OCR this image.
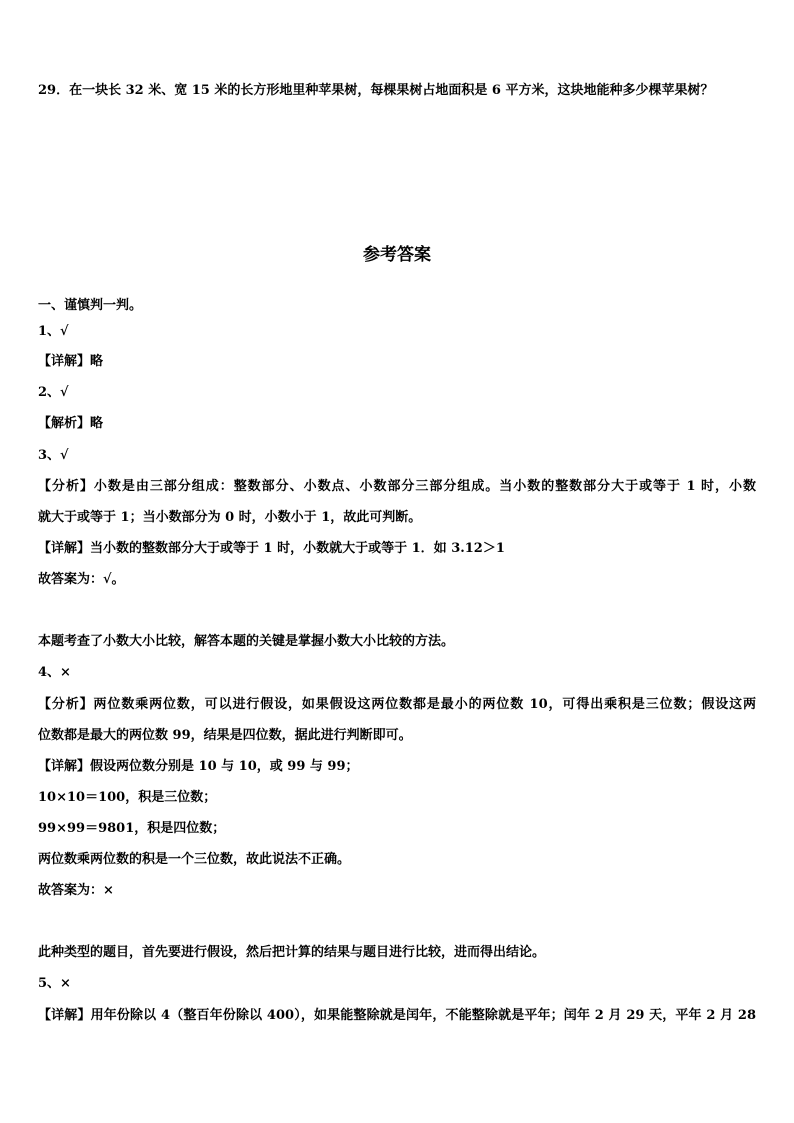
29．在一块长 32 米、宽 15 米的长方形地里种苹果树，每棵果树占地面积是 6 平方米，这块地能种多少棵苹果树？
参考答案
一、谨慎判一判。
1、√
【详解】略
2、√
【解析】略
3、√
【分析】小数是由三部分组成：整数部分、小数点、小数部分三部分组成。当小数的整数部分大于或等于 1 时，小数
就大于或等于 1；当小数部分为 0 时，小数小于 1，故此可判断。
【详解】当小数的整数部分大于或等于 1 时，小数就大于或等于 1．如 3.12＞1
故答案为：√。
本题考查了小数大小比较，解答本题的关键是掌握小数大小比较的方法。
4、×
【分析】两位数乘两位数，可以进行假设，如果假设这两位数都是最小的两位数 10，可得出乘积是三位数；假设这两
位数都是最大的两位数 99，结果是四位数，据此进行判断即可。
【详解】假设两位数分别是 10 与 10，或 99 与 99；
10×10＝100，积是三位数；
99×99＝9801，积是四位数；
两位数乘两位数的积是一个三位数，故此说法不正确。
故答案为：×
此种类型的题目，首先要进行假设，然后把计算的结果与题目进行比较，进而得出结论。
5、×
【详解】用年份除以 4（整百年份除以 400），如果能整除就是闰年，不能整除就是平年；闰年 2 月 29 天，平年 2 月 28
